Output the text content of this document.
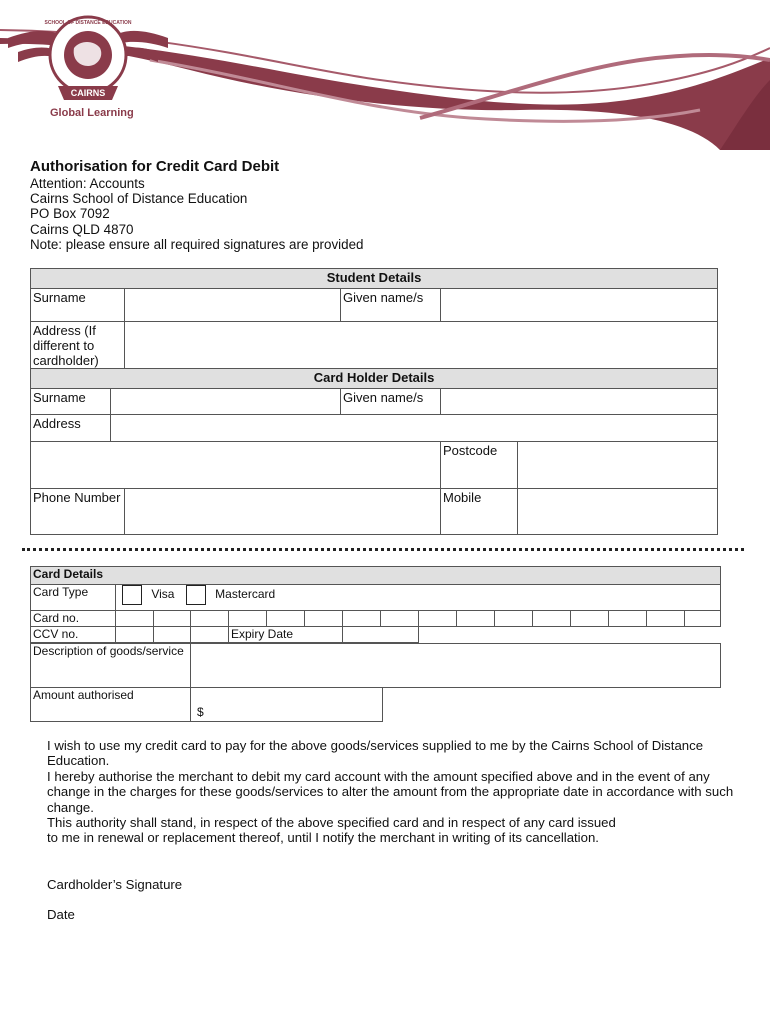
CAIRNS
SCHOOL OF DISTANCE EDUCATION
Global Learning
Authorisation for Credit Card Debit
Attention: Accounts
Cairns School of Distance Education
PO Box 7092
Cairns QLD 4870
Note: please ensure all required signatures are provided
Student Details			
Surname		Given name/s	
Address (If different to cardholder)			
Card Holder Details					
Surname			Given name/s		
Address					
				Postcode	
Phone Number				Mobile	
Card Details																
Card Type	Visa Mastercard															
Card no.																
CCV no.				Expiry Date												
Description of goods/service		
Amount authorised	$	
I wish to use my credit card to pay for the above goods/services supplied to me by the Cairns School of Distance Education.
I hereby authorise the merchant to debit my card account with the amount specified above and in the event of any change in the charges for these goods/services to alter the amount from the appropriate date in accordance with such change.
This authority shall stand, in respect of the above specified card and in respect of any card issued to me in renewal or replacement thereof, until I notify the merchant in writing of its cancellation.
Cardholder’s Signature
Date
